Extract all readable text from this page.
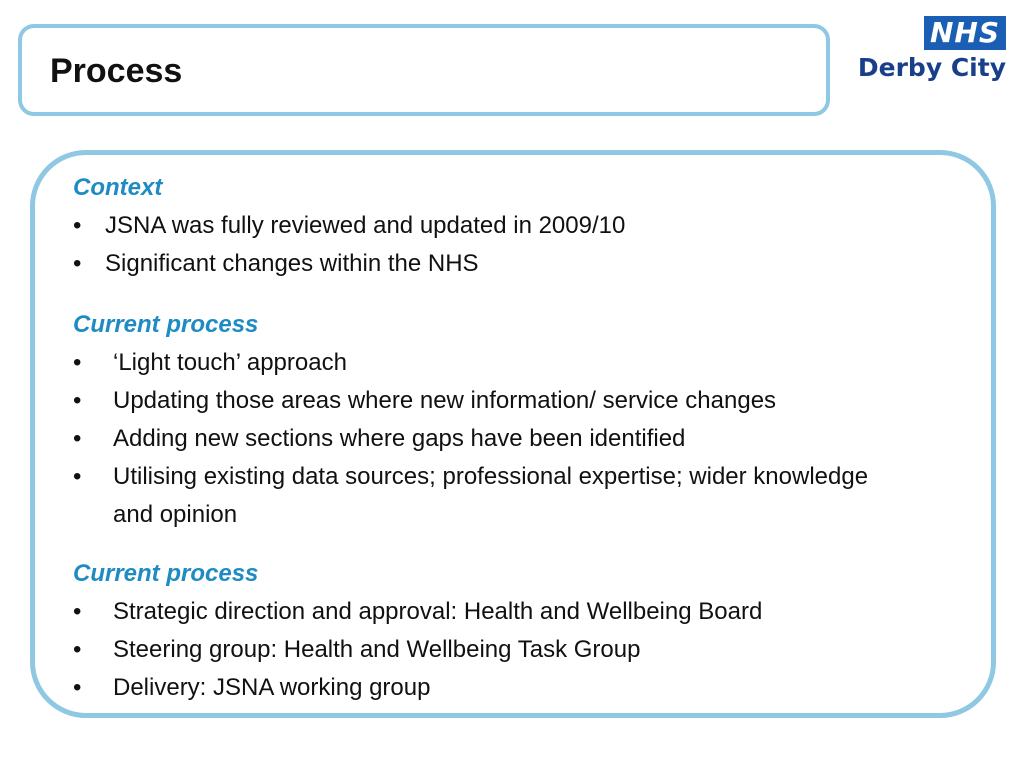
Process
NHS
Derby City

Context

• JSNA was fully reviewed and updated in 2009/10
• Significant changes within the NHS

Current process

• ‘Light touch’ approach
• Updating those areas where new information/ service changes
• Adding new sections where gaps have been identified
• Utilising existing data sources; professional expertise; wider knowledge and opinion

Current process

• Strategic direction and approval: Health and Wellbeing Board
• Steering group: Health and Wellbeing Task Group
• Delivery: JSNA working group
